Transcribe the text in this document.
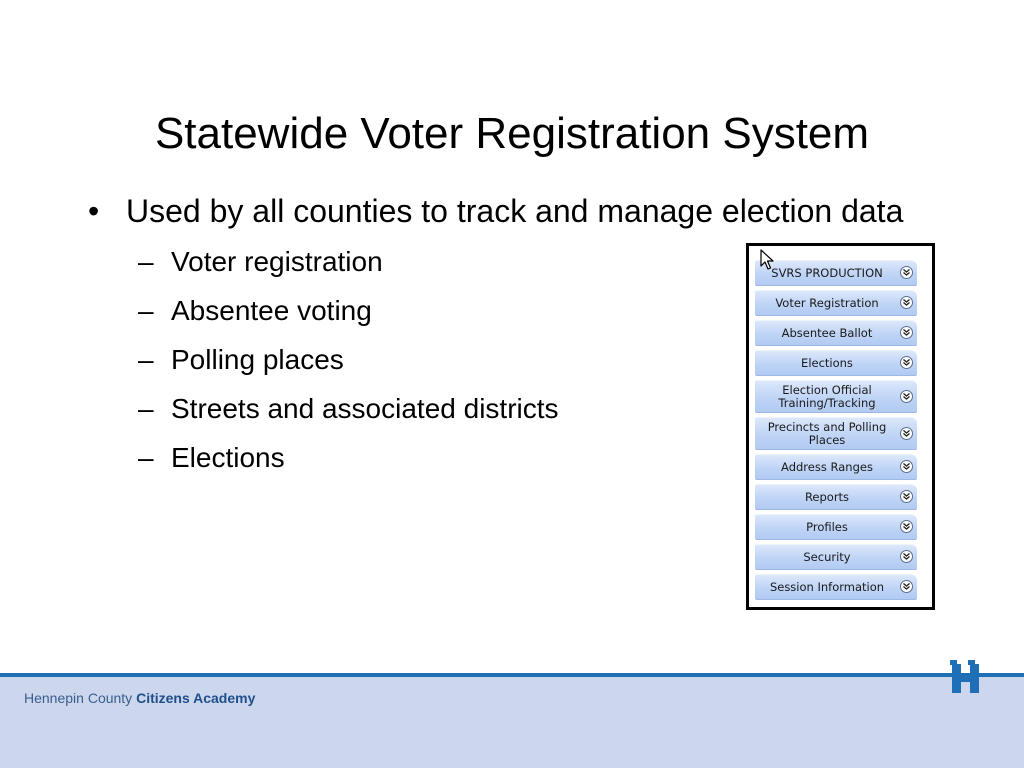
Statewide Voter Registration System
• Used by all counties to track and manage election data
– Voter registration
– Absentee voting
– Polling places
– Streets and associated districts
– Elections
SVRS PRODUCTION
Voter Registration
Absentee Ballot
Elections
Election Official Training/Tracking
Precincts and Polling Places
Address Ranges
Reports
Profiles
Security
Session Information
Hennepin County Citizens Academy
